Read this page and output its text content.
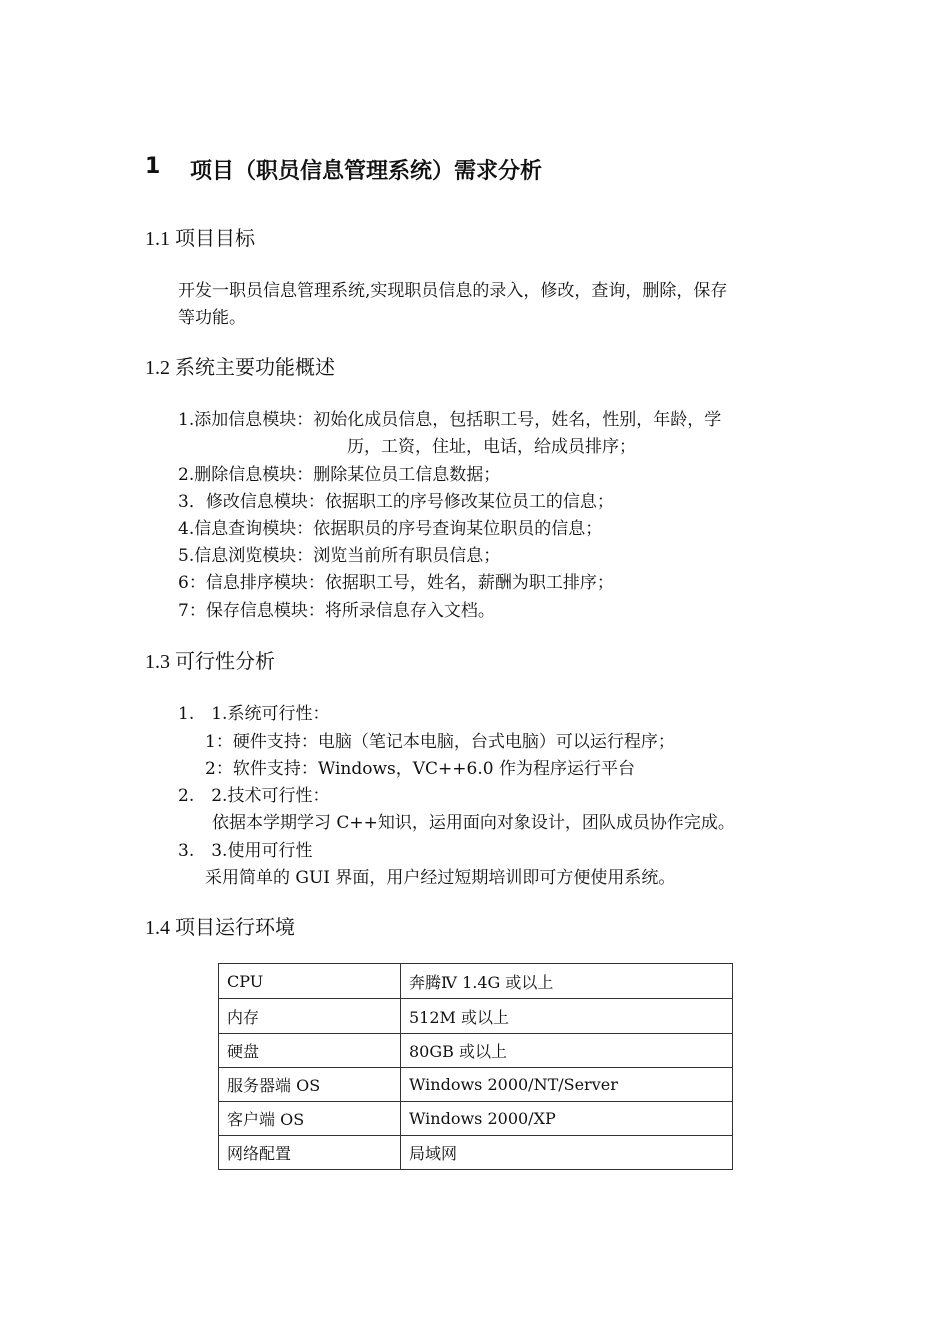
1 项目（职员信息管理系统）需求分析
1.1 项目目标
开发一职员信息管理系统,实现职员信息的录入，修改，查询，删除，保存
等功能。
1.2 系统主要功能概述
1.添加信息模块：初始化成员信息，包括职工号，姓名，性别，年龄，学
历，工资，住址，电话，给成员排序；
2.删除信息模块：删除某位员工信息数据；
3．修改信息模块：依据职工的序号修改某位员工的信息；
4.信息查询模块：依据职员的序号查询某位职员的信息；
5.信息浏览模块：浏览当前所有职员信息；
6：信息排序模块：依据职工号，姓名，薪酬为职工排序；
7：保存信息模块：将所录信息存入文档。
1.3 可行性分析
1.　1.系统可行性：
1：硬件支持：电脑（笔记本电脑，台式电脑）可以运行程序；
2：软件支持：Windows，VC++6.0 作为程序运行平台
2.　2.技术可行性：
依据本学期学习 C++知识，运用面向对象设计，团队成员协作完成。
3.　3.使用可行性
采用简单的 GUI 界面，用户经过短期培训即可方便使用系统。
1.4 项目运行环境
CPU	奔腾Ⅳ 1.4G 或以上
内存	512M 或以上
硬盘	80GB 或以上
服务器端 OS	Windows 2000/NT/Server
客户端 OS	Windows 2000/XP
网络配置	局域网
